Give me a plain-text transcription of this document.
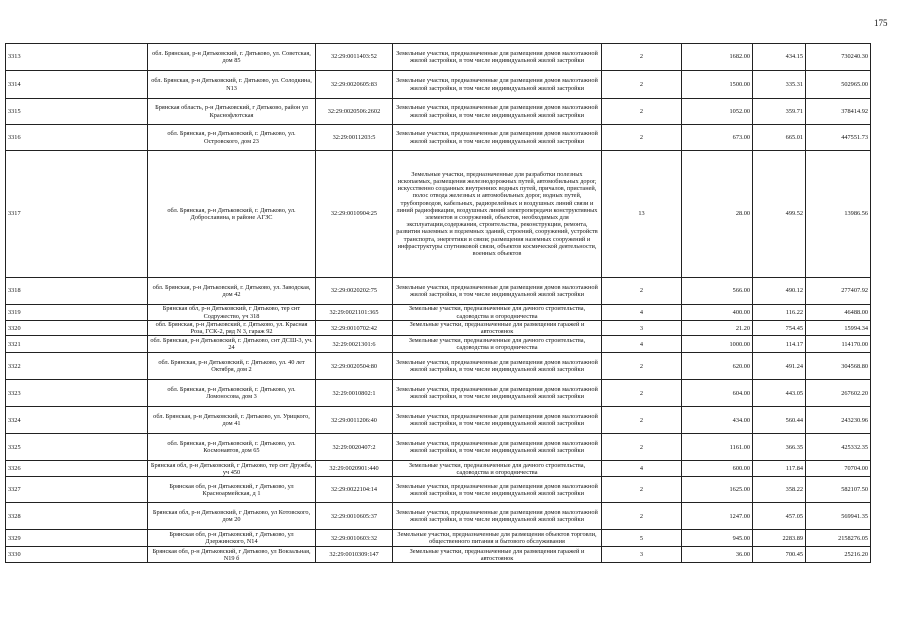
175
3313	обл. Брянская, р-н Дятьковский, г. Дятьково, ул. Советская, дом 85	32:29:0011403:52	Земельные участки, предназначенные для размещения домов малоэтажной жилой застройки, в том числе индивидуальной жилой застройки	2	1682.00	434.15	730240.30
3314	обл. Брянская, р-н Дятьковский, г. Дятьково, ул. Солодкина, N13	32:29:0020605:83	Земельные участки, предназначенные для размещения домов малоэтажной жилой застройки, в том числе индивидуальной жилой застройки	2	1500.00	335.31	502965.00
3315	Брянская область, р-н Дятьковский, г Дятьково, район ул Краснофлотская	32:29:0020506:2602	Земельные участки, предназначенные для размещения домов малоэтажной жилой застройки, в том числе индивидуальной жилой застройки	2	1052.00	359.71	378414.92
3316	обл. Брянская, р-н Дятьковский, г. Дятьково, ул. Островского, дом 23	32:29:0011203:5	Земельные участки, предназначенные для размещения домов малоэтажной жилой застройки, в том числе индивидуальной жилой застройки	2	673.00	665.01	447551.73
3317	обл. Брянская, р-н Дятьковский, г. Дятьково, ул. Доброславина, в районе АГЗС	32:29:0010904:25	Земельные участки, предназначенные для разработки полезных ископаемых, размещения железнодорожных путей, автомобильных дорог, искусственно созданных внутренних водных путей, причалов, пристаней, полос отвода железных и автомобильных дорог, водных путей, трубопроводов, кабельных, радиорелейных и воздушных линий связи и линий радиофикации, воздушных линий электропередачи конструктивных элементов и сооружений, объектов, необходимых для эксплуатации,содержания, строительства, реконструкции, ремонта, развития наземных и подземных зданий, строений, сооружений, устройств транспорта, энергетики и связи; размещения наземных сооружений и инфраструктуры спутниковой связи, объектов космической деятельности, военных объектов	13	28.00	499.52	13986.56
3318	обл. Брянская, р-н Дятьковский, г. Дятьково, ул. Заводская, дом 42	32:29:0020202:75	Земельные участки, предназначенные для размещения домов малоэтажной жилой застройки, в том числе индивидуальной жилой застройки	2	566.00	490.12	277407.92
3319	Брянская обл, р-н Дятьковский, г Дятьково, тер снт Содружество, уч 318	32:29:0021101:365	Земельные участки, предназначенные для дачного строительства, садоводства и огородничества	4	400.00	116.22	46488.00
3320	обл. Брянская, р-н Дятьковский, г. Дятьково, ул. Красная Роза, ГСК-2, ряд N 3, гараж 92	32:29:0010702:42	Земельные участки, предназначенные для размещения гаражей и автостоянок	3	21.20	754.45	15994.34
3321	обл. Брянская, р-н Дятьковский, г. Дятьково, снт ДСШ-3, уч. 24	32:29:0021301:6	Земельные участки, предназначенные для дачного строительства, садоводства и огородничества	4	1000.00	114.17	114170.00
3322	обл. Брянская, р-н Дятьковский, г. Дятьково, ул. 40 лет Октября, дом 2	32:29:0020504:80	Земельные участки, предназначенные для размещения домов малоэтажной жилой застройки, в том числе индивидуальной жилой застройки	2	620.00	491.24	304568.80
3323	обл. Брянская, р-н Дятьковский, г. Дятьково, ул. Ломоносова, дом 3	32:29:0010802:1	Земельные участки, предназначенные для размещения домов малоэтажной жилой застройки, в том числе индивидуальной жилой застройки	2	604.00	443.05	267602.20
3324	обл. Брянская, р-н Дятьковский, г. Дятьково, ул. Урицкого, дом 41	32:29:0011206:40	Земельные участки, предназначенные для размещения домов малоэтажной жилой застройки, в том числе индивидуальной жилой застройки	2	434.00	560.44	243230.96
3325	обл. Брянская, р-н Дятьковский, г. Дятьково, ул. Космонавтов, дом 65	32:29:0020407:2	Земельные участки, предназначенные для размещения домов малоэтажной жилой застройки, в том числе индивидуальной жилой застройки	2	1161.00	366.35	425332.35
3326	Брянская обл, р-н Дятьковский, г Дятьково, тер снт Дружба, уч 450	32:29:0020901:440	Земельные участки, предназначенные для дачного строительства, садоводства и огородничества	4	600.00	117.84	70704.00
3327	Брянская обл, р-н Дятьковский, г Дятьково, ул Красноармейская, д 1	32:29:0022104:14	Земельные участки, предназначенные для размещения домов малоэтажной жилой застройки, в том числе индивидуальной жилой застройки	2	1625.00	358.22	582107.50
3328	Брянская обл, р-н Дятьковский, г Дятьково, ул Котовского, дом 20	32:29:0010605:37	Земельные участки, предназначенные для размещения домов малоэтажной жилой застройки, в том числе индивидуальной жилой застройки	2	1247.00	457.05	569941.35
3329	Брянская обл, р-н Дятьковский, г Дятьково, ул Дзержинского, N14	32:29:0010603:32	Земельные участки, предназначенные для размещения объектов торговли, общественного питания и бытового обслуживания	5	945.00	2283.89	2158276.05
3330	Брянская обл, р-н Дятьковский, г Дятьково, ул Вокзальная, N19 б	32:29:0010309:147	Земельные участки, предназначенные для размещения гаражей и автостоянок	3	36.00	700.45	25216.20
